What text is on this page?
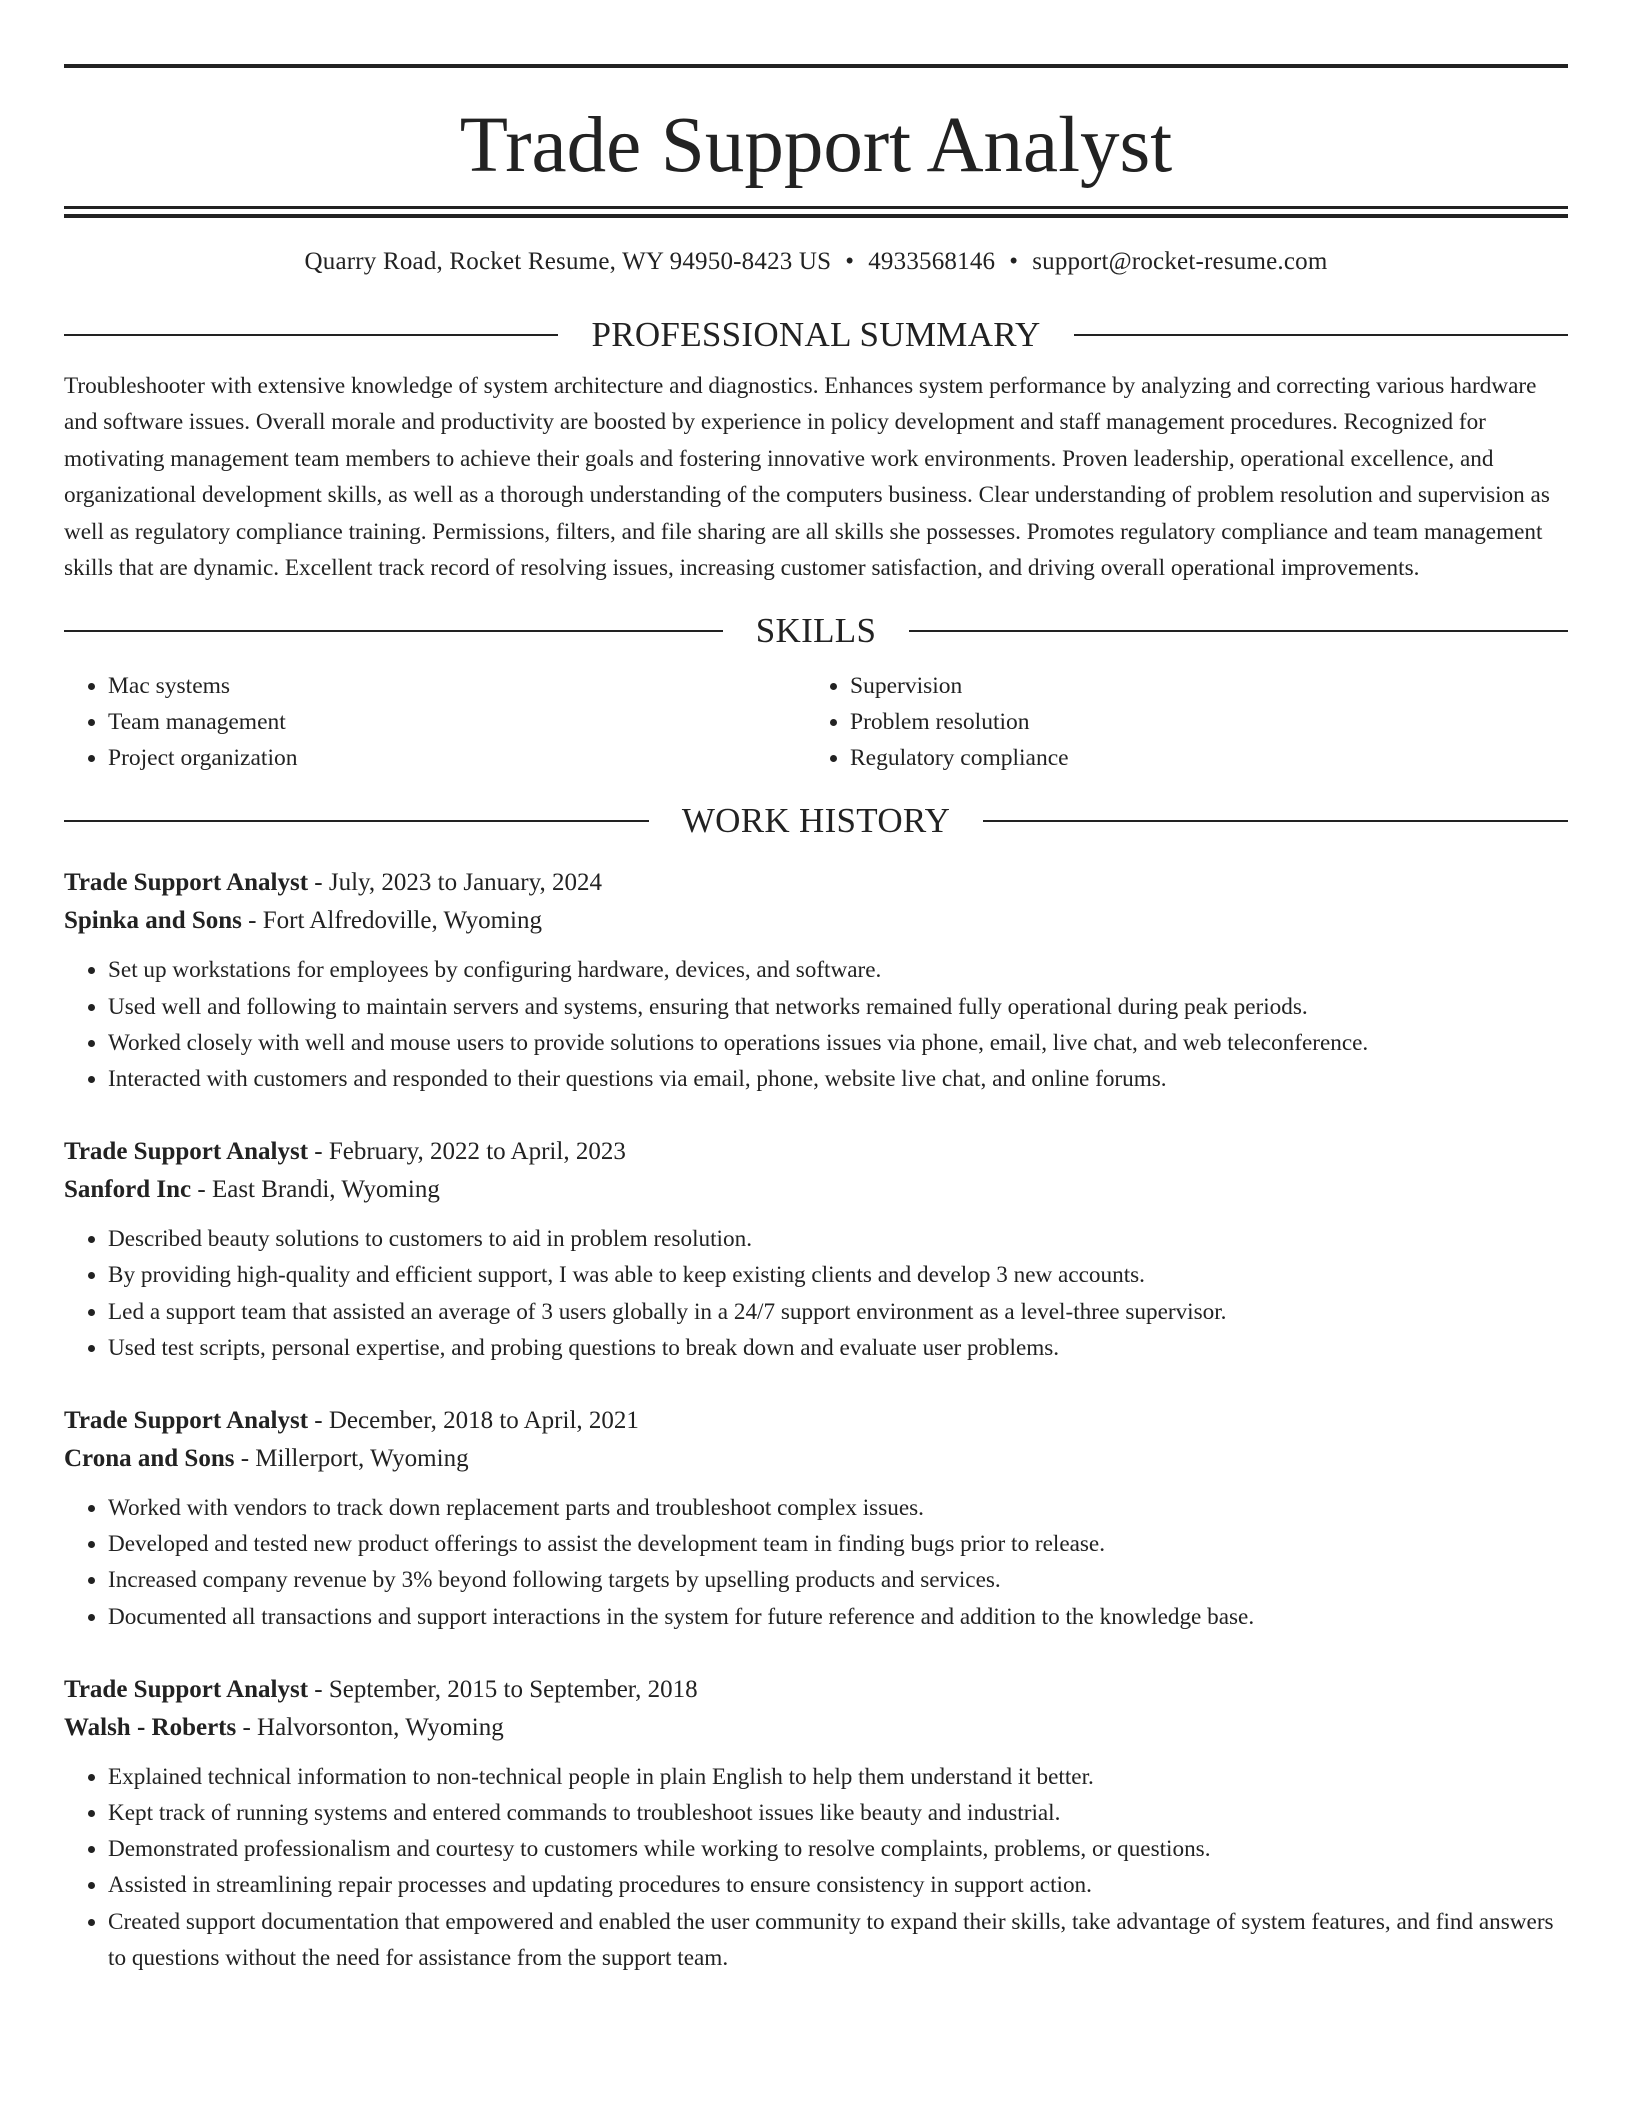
Trade Support Analyst
Quarry Road, Rocket Resume, WY 94950-8423 US • 4933568146 • support@rocket-resume.com
PROFESSIONAL SUMMARY
Troubleshooter with extensive knowledge of system architecture and diagnostics. Enhances system performance by analyzing and correcting various hardware and software issues. Overall morale and productivity are boosted by experience in policy development and staff management procedures. Recognized for motivating management team members to achieve their goals and fostering innovative work environments. Proven leadership, operational excellence, and organizational development skills, as well as a thorough understanding of the computers business. Clear understanding of problem resolution and supervision as well as regulatory compliance training. Permissions, filters, and file sharing are all skills she possesses. Promotes regulatory compliance and team management skills that are dynamic. Excellent track record of resolving issues, increasing customer satisfaction, and driving overall operational improvements.
SKILLS
• Mac systems
• Team management
• Project organization
• Supervision
• Problem resolution
• Regulatory compliance
WORK HISTORY
Trade Support Analyst - July, 2023 to January, 2024
Spinka and Sons - Fort Alfredoville, Wyoming
• Set up workstations for employees by configuring hardware, devices, and software.
• Used well and following to maintain servers and systems, ensuring that networks remained fully operational during peak periods.
• Worked closely with well and mouse users to provide solutions to operations issues via phone, email, live chat, and web teleconference.
• Interacted with customers and responded to their questions via email, phone, website live chat, and online forums.
Trade Support Analyst - February, 2022 to April, 2023
Sanford Inc - East Brandi, Wyoming
• Described beauty solutions to customers to aid in problem resolution.
• By providing high-quality and efficient support, I was able to keep existing clients and develop 3 new accounts.
• Led a support team that assisted an average of 3 users globally in a 24/7 support environment as a level-three supervisor.
• Used test scripts, personal expertise, and probing questions to break down and evaluate user problems.
Trade Support Analyst - December, 2018 to April, 2021
Crona and Sons - Millerport, Wyoming
• Worked with vendors to track down replacement parts and troubleshoot complex issues.
• Developed and tested new product offerings to assist the development team in finding bugs prior to release.
• Increased company revenue by 3% beyond following targets by upselling products and services.
• Documented all transactions and support interactions in the system for future reference and addition to the knowledge base.
Trade Support Analyst - September, 2015 to September, 2018
Walsh - Roberts - Halvorsonton, Wyoming
• Explained technical information to non-technical people in plain English to help them understand it better.
• Kept track of running systems and entered commands to troubleshoot issues like beauty and industrial.
• Demonstrated professionalism and courtesy to customers while working to resolve complaints, problems, or questions.
• Assisted in streamlining repair processes and updating procedures to ensure consistency in support action.
• Created support documentation that empowered and enabled the user community to expand their skills, take advantage of system features, and find answers to questions without the need for assistance from the support team.
